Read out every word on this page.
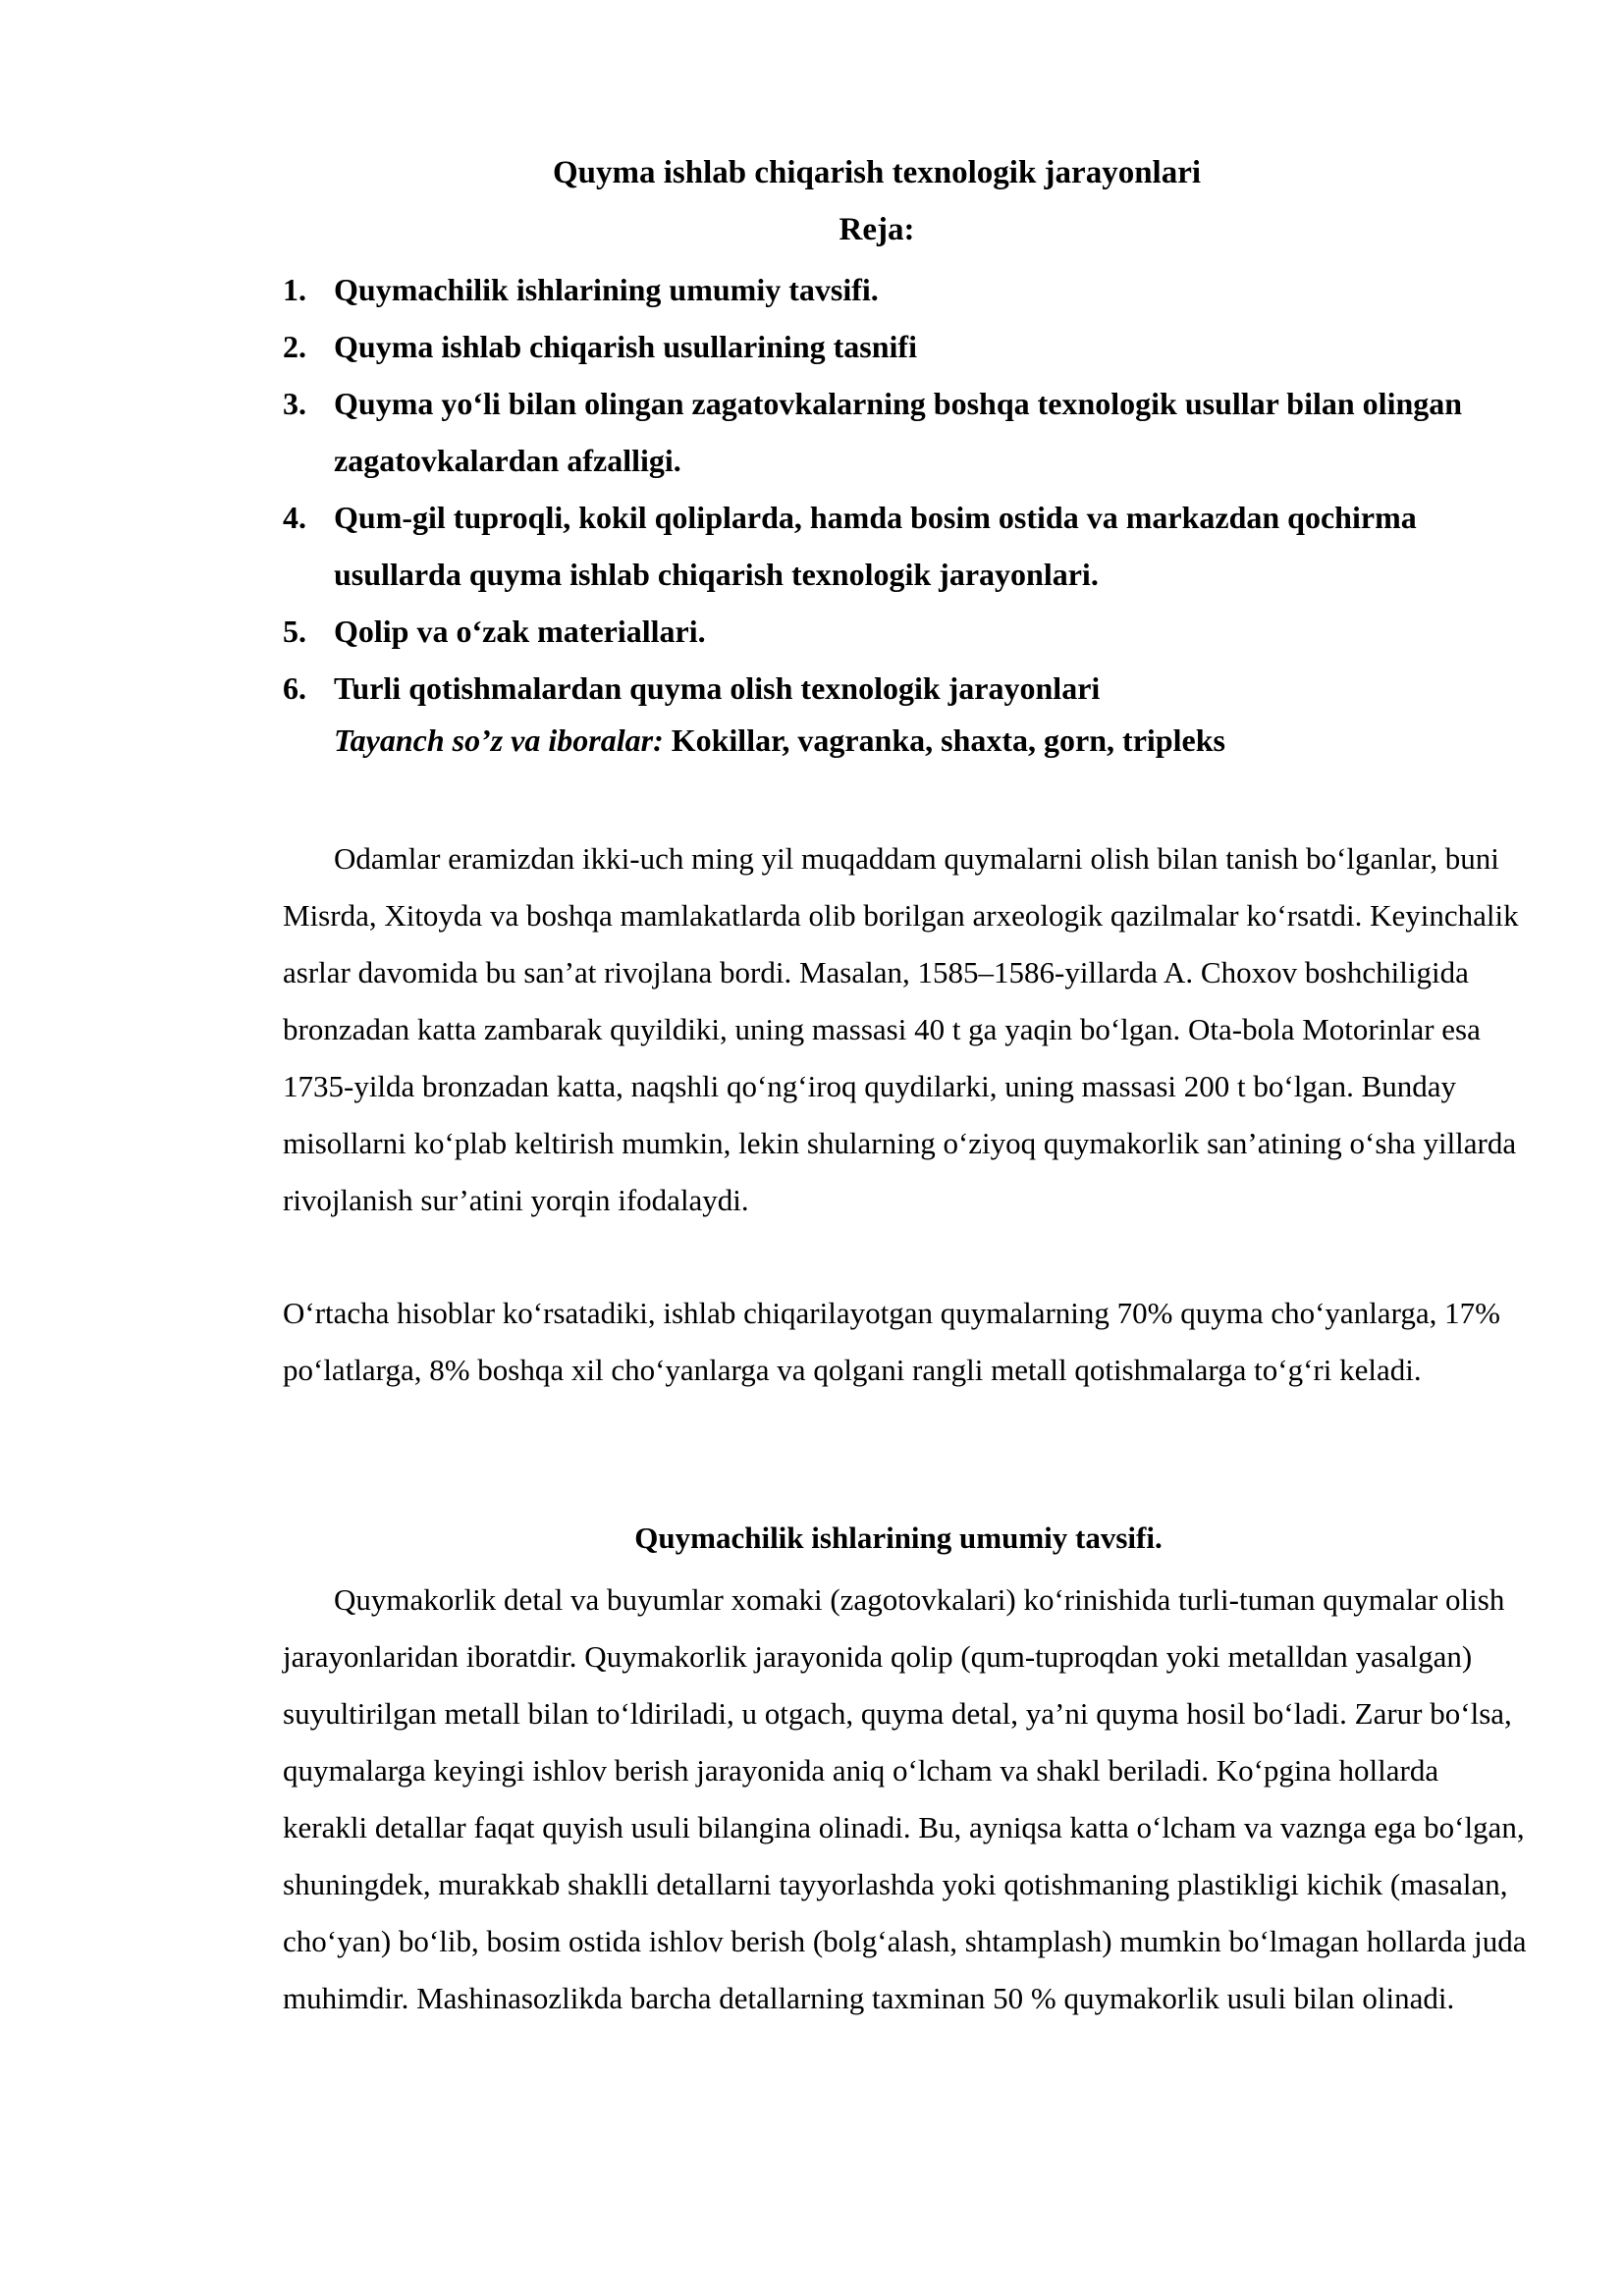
Quyma ishlab chiqarish texnologik jarayonlari
Reja:
1. Quymachilik ishlarining umumiy tavsifi.
2. Quyma ishlab chiqarish usullarining tasnifi
3. Quyma yo‘li bilan olingan zagatovkalarning boshqa texnologik usullar bilan olingan zagatovkalardan afzalligi.
4. Qum-gil tuproqli, kokil qoliplarda, hamda bosim ostida va markazdan qochirma usullarda quyma ishlab chiqarish texnologik jarayonlari.
5. Qolip va o‘zak materiallari.
6. Turli qotishmalardan quyma olish texnologik jarayonlari

Tayanch so’z va iboralar: Kokillar, vagranka, shaxta, gorn, tripleks

Odamlar eramizdan ikki-uch ming yil muqaddam quymalarni olish bilan tanish bo‘lganlar, buni Misrda, Xitoyda va boshqa mamlakatlarda olib borilgan arxeologik qazilmalar ko‘rsatdi. Keyinchalik asrlar davomida bu san’at rivojlana bordi. Masalan, 1585–1586-yillarda A. Choxov boshchiligida bronzadan katta zambarak quyildiki, uning massasi 40 t ga yaqin bo‘lgan. Ota-bola Motorinlar esa 1735-yilda bronzadan katta, naqshli qo‘ng‘iroq quydilarki, uning massasi 200 t bo‘lgan. Bunday misollarni ko‘plab keltirish mumkin, lekin shularning o‘ziyoq quymakorlik san’atining o‘sha yillarda rivojlanish sur’atini yorqin ifodalaydi.

O‘rtacha hisoblar ko‘rsatadiki, ishlab chiqarilayotgan quymalarning 70% quyma cho‘yanlarga, 17% po‘latlarga, 8% boshqa xil cho‘yanlarga va qolgani rangli metall qotishmalarga to‘g‘ri keladi.

Quymachilik ishlarining umumiy tavsifi.

Quymakorlik detal va buyumlar xomaki (zagotovkalari) ko‘rinishida turli-tuman quymalar olish jarayonlaridan iboratdir. Quymakorlik jarayonida qolip (qum-tuproqdan yoki metalldan yasalgan) suyultirilgan metall bilan to‘ldiriladi, u otgach, quyma detal, ya’ni quyma hosil bo‘ladi. Zarur bo‘lsa, quymalarga keyingi ishlov berish jarayonida aniq o‘lcham va shakl beriladi. Ko‘pgina hollarda kerakli detallar faqat quyish usuli bilangina olinadi. Bu, ayniqsa katta o‘lcham va vaznga ega bo‘lgan, shuningdek, murakkab shaklli detallarni tayyorlashda yoki qotishmaning plastikligi kichik (masalan, cho‘yan) bo‘lib, bosim ostida ishlov berish (bolg‘alash, shtamplash) mumkin bo‘lmagan hollarda juda muhimdir. Mashinasozlikda barcha detallarning taxminan 50 % quymakorlik usuli bilan olinadi.
